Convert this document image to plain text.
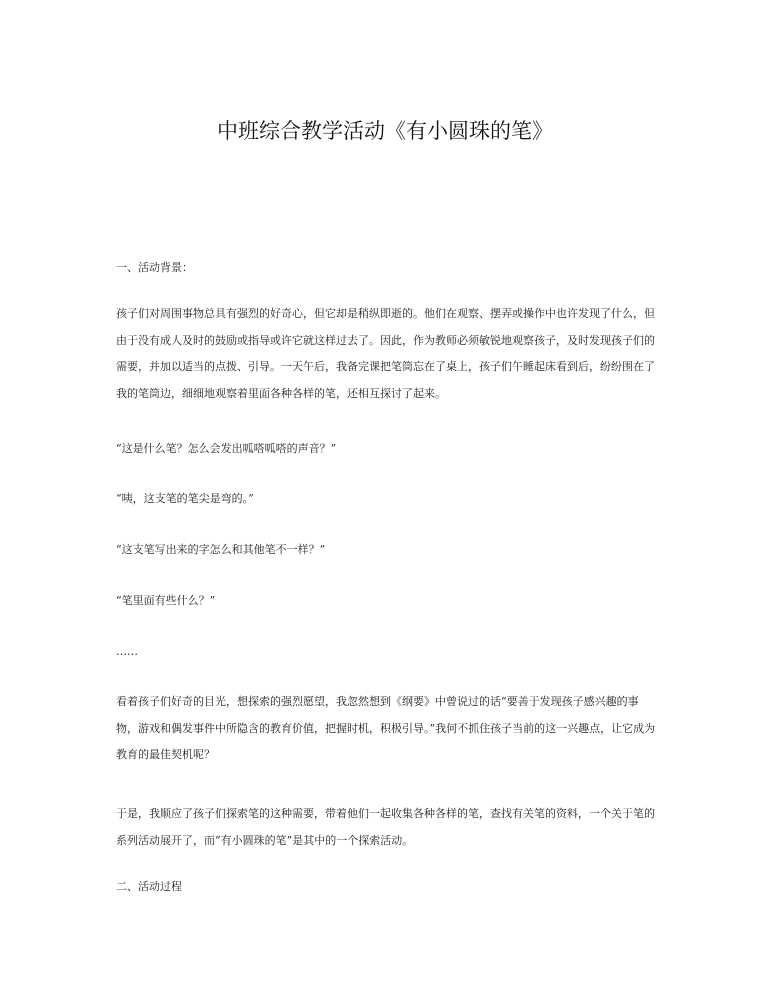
中班综合教学活动《有小圆珠的笔》

一、活动背景：

孩子们对周围事物总具有强烈的好奇心，但它却是稍纵即逝的。他们在观察、摆弄或操作中也许发现了什么，但由于没有成人及时的鼓励或指导或许它就这样过去了。因此，作为教师必须敏锐地观察孩子，及时发现孩子们的需要，并加以适当的点拨、引导。一天午后，我备完课把笔筒忘在了桌上，孩子们午睡起床看到后，纷纷围在了我的笔筒边，细细地观察着里面各种各样的笔，还相互探讨了起来。

“这是什么笔？怎么会发出呱嗒呱嗒的声音？”

“咦，这支笔的笔尖是弯的。”

“这支笔写出来的字怎么和其他笔不一样？”

“笔里面有些什么？”

……

看着孩子们好奇的目光，想探索的强烈愿望，我忽然想到《纲要》中曾说过的话“要善于发现孩子感兴趣的事物，游戏和偶发事件中所隐含的教育价值，把握时机，积极引导。”我何不抓住孩子当前的这一兴趣点，让它成为教育的最佳契机呢？

于是，我顺应了孩子们探索笔的这种需要，带着他们一起收集各种各样的笔，查找有关笔的资料，一个关于笔的系列活动展开了，而“有小圆珠的笔”是其中的一个探索活动。

二、活动过程
